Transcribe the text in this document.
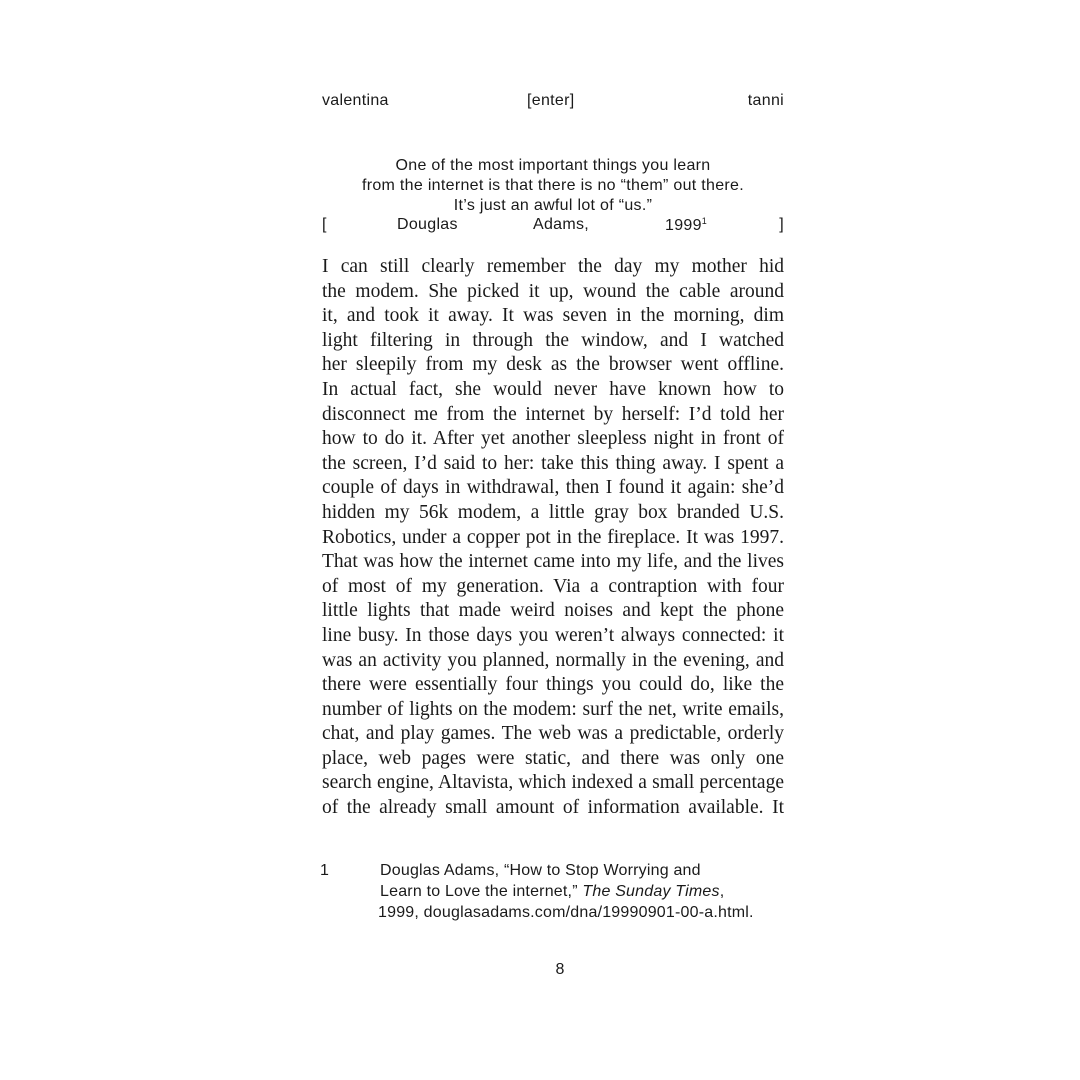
valentina	[enter]	tanni
One of the most important things you learn
from the internet is that there is no “them” out there.
It’s just an awful lot of “us.”
[	Douglas	Adams,	1999$^1$	]
I can still clearly remember the day my mother hid
the modem. She picked it up, wound the cable around
it, and took it away. It was seven in the morning, dim
light filtering in through the window, and I watched
her sleepily from my desk as the browser went offline.
In actual fact, she would never have known how to
disconnect me from the internet by herself: I’d told her
how to do it. After yet another sleepless night in front of
the screen, I’d said to her: take this thing away. I spent a
couple of days in withdrawal, then I found it again: she’d
hidden my 56k modem, a little gray box branded U.S.
Robotics, under a copper pot in the fireplace. It was 1997.
That was how the internet came into my life, and the lives
of most of my generation. Via a contraption with four
little lights that made weird noises and kept the phone
line busy. In those days you weren’t always connected: it
was an activity you planned, normally in the evening, and
there were essentially four things you could do, like the
number of lights on the modem: surf the net, write emails,
chat, and play games. The web was a predictable, orderly
place, web pages were static, and there was only one
search engine, Altavista, which indexed a small percentage
of the already small amount of information available. It
1	Douglas Adams, “How to Stop Worrying and
Learn to Love the internet,” The Sunday Times,
1999, douglasadams.com/dna/19990901-00-a.html.
8
